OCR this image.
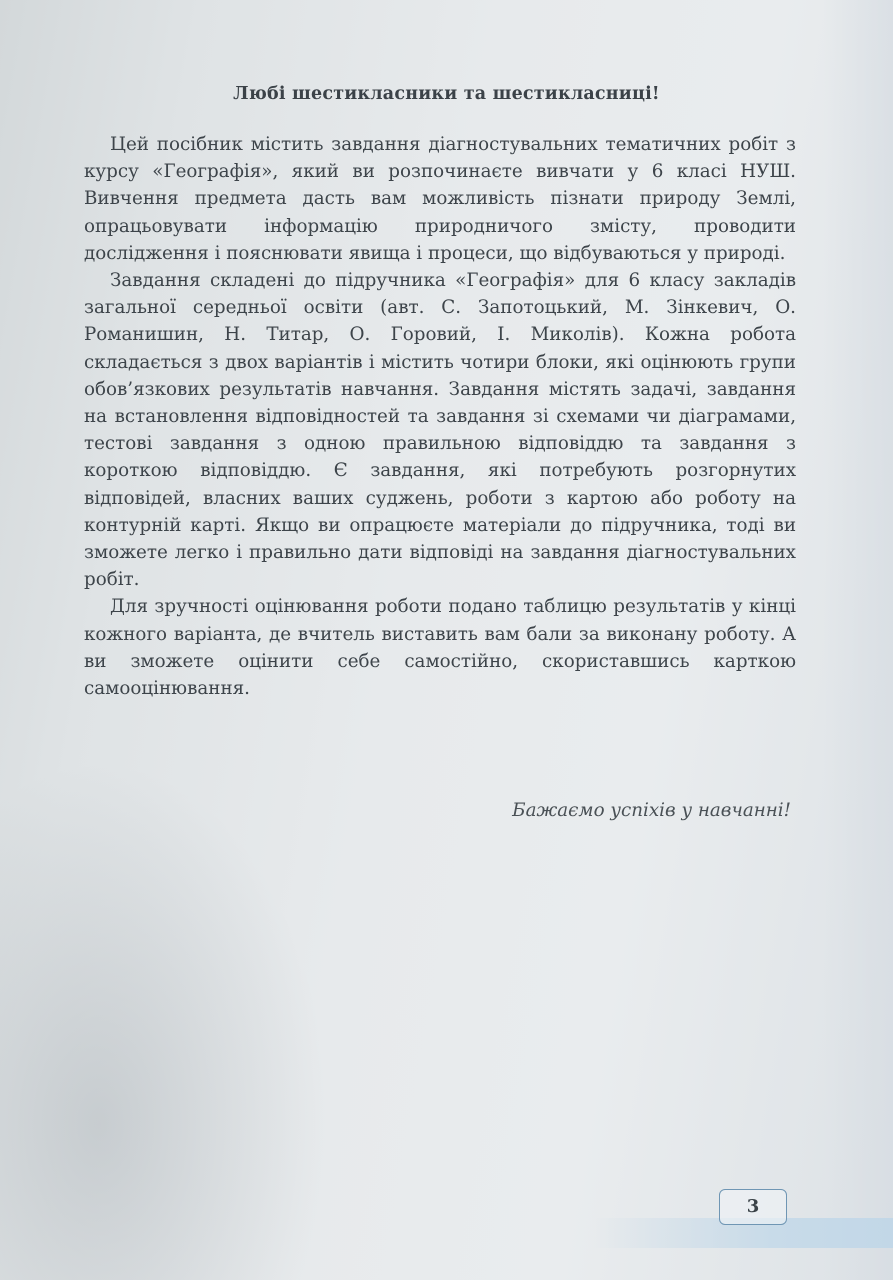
Любі шестикласники та шестикласниці!

Цей посібник містить завдання діагностувальних тематичних робіт з курсу «Географія», який ви розпочинаєте вивчати у 6 класі НУШ. Вивчення предмета дасть вам можливість пізнати природу Землі, опрацьовувати інформацію природничого змісту, проводити дослідження і пояснювати явища і процеси, що відбуваються у природі.

Завдання складені до підручника «Географія» для 6 класу закладів загальної середньої освіти (авт. С. Запотоцький, М. Зінкевич, О. Романишин, Н. Титар, О. Горовий, І. Миколів). Кожна робота складається з двох варіантів і містить чотири блоки, які оцінюють групи обов’язкових результатів навчання. Завдання містять задачі, завдання на встановлення відповідностей та завдання зі схемами чи діаграмами, тестові завдання з одною правильною відповіддю та завдання з короткою відповіддю. Є завдання, які потребують розгорнутих відповідей, власних ваших суджень, роботи з картою або роботу на контурній карті. Якщо ви опрацюєте матеріали до підручника, тоді ви зможете легко і правильно дати відповіді на завдання діагностувальних робіт.

Для зручності оцінювання роботи подано таблицю результатів у кінці кожного варіанта, де вчитель виставить вам бали за виконану роботу. А ви зможете оцінити себе самостійно, скориставшись карткою самооцінювання.

Бажаємо успіхів у навчанні!
3
